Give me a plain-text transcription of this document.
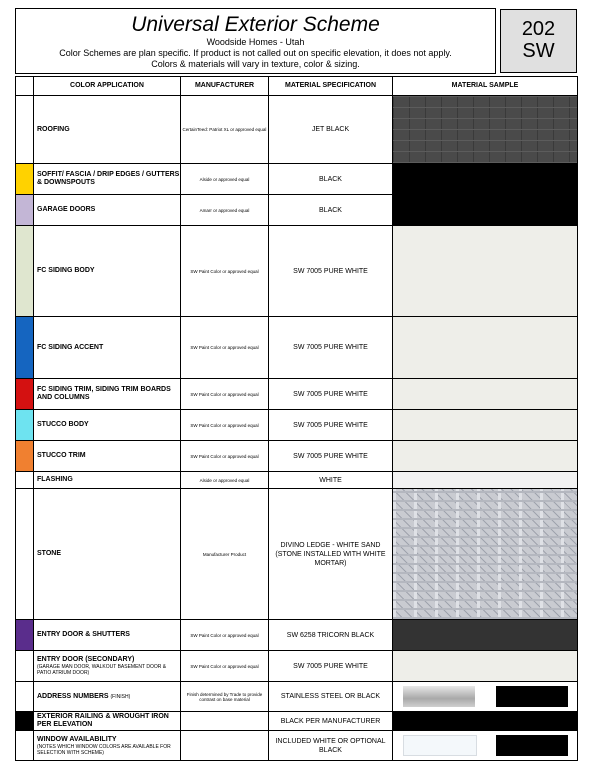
Universal Exterior Scheme
Woodside Homes - Utah
Color Schemes are plan specific. If product is not called out on specific elevation, it does not apply.
Colors & materials will vary in texture, color & sizing.
202
SW
	COLOR APPLICATION	MANUFACTURER	MATERIAL SPECIFICATION	MATERIAL SAMPLE
	ROOFING	CertainTeed: Patriot XL or approved equal	JET BLACK	

	SOFFIT/ FASCIA / DRIP EDGES / GUTTERS & DOWNSPOUTS	Alside or approved equal	BLACK	
	GARAGE DOORS	Amarr or approved equal	BLACK	
	FC SIDING BODY	SW Paint Color or approved equal	SW 7005 PURE WHITE	
	FC SIDING ACCENT	SW Paint Color or approved equal	SW 7005 PURE WHITE	
	FC SIDING TRIM, SIDING TRIM BOARDS AND COLUMNS	SW Paint Color or approved equal	SW 7005 PURE WHITE	
	STUCCO BODY	SW Paint Color or approved equal	SW 7005 PURE WHITE	
	STUCCO TRIM	SW Paint Color or approved equal	SW 7005 PURE WHITE	
	FLASHING	Alside or approved equal	WHITE	
	STONE	Manufacturer Product	DIVINO LEDGE - WHITE SAND (STONE INSTALLED WITH WHITE MORTAR)	

	ENTRY DOOR & SHUTTERS	SW Paint Color or approved equal	SW 6258 TRICORN BLACK	
	ENTRY DOOR (SECONDARY)
(GARAGE MAN DOOR, WALKOUT BASEMENT DOOR & PATIO ATRIUM DOOR)	SW Paint Color or approved equal	SW 7005 PURE WHITE	
	ADDRESS NUMBERS (FINISH)	Finish determined by Trade to provide contrast on base material	STAINLESS STEEL OR BLACK	

	EXTERIOR RAILING & WROUGHT IRON PER ELEVATION		BLACK PER MANUFACTURER	
	WINDOW AVAILABILITY
(NOTES WHICH WINDOW COLORS ARE AVAILABLE FOR SELECTION WITH SCHEME)		INCLUDED WHITE OR OPTIONAL BLACK	
